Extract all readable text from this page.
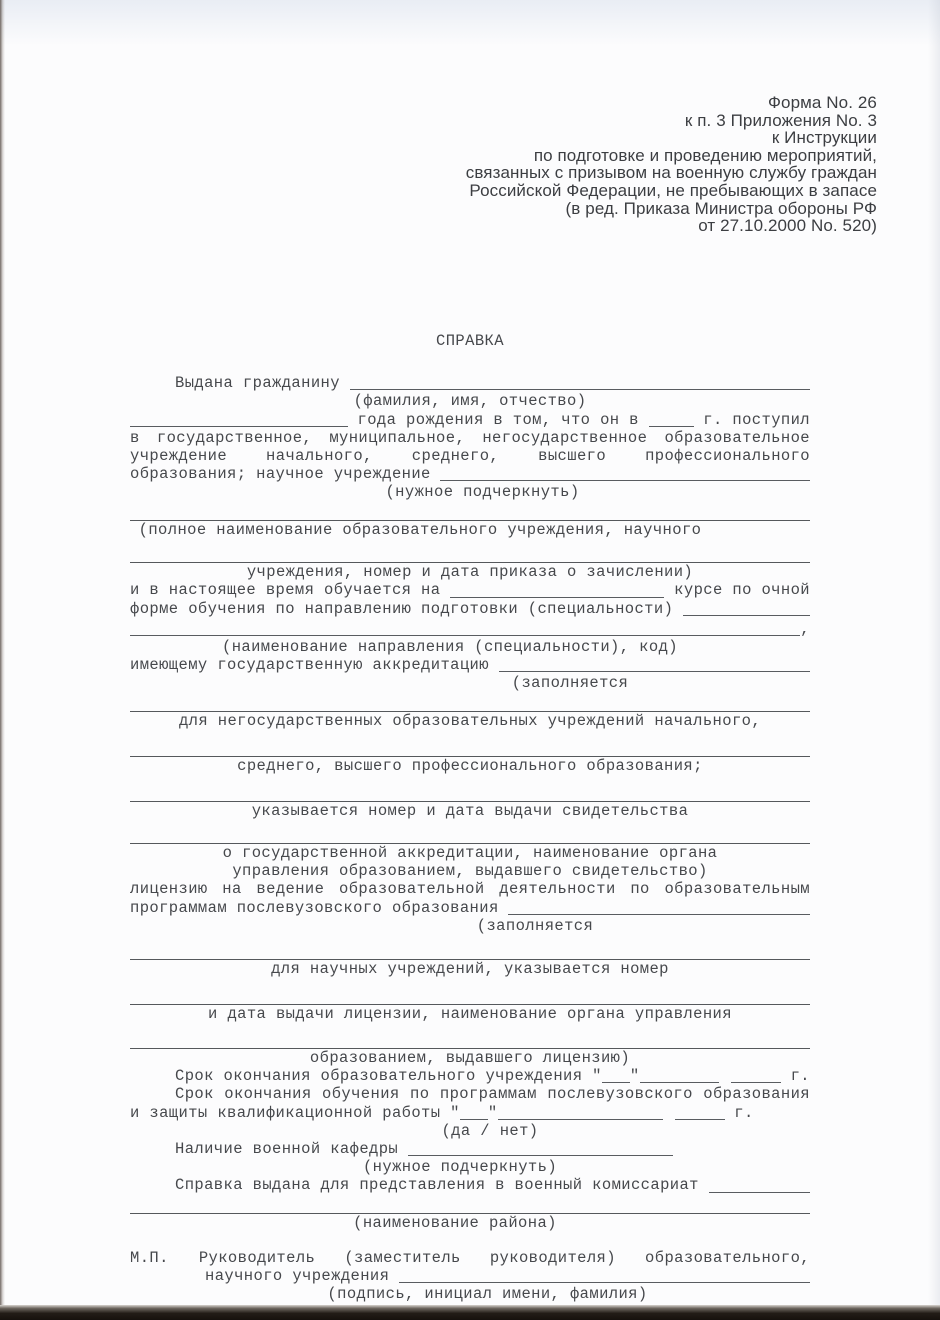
Форма No. 26
к п. 3 Приложения No. 3
к Инструкции
по подготовке и проведению мероприятий,
связанных с призывом на военную службу граждан
Российской Федерации, не пребывающих в запасе
(в ред. Приказа Министра обороны РФ
от 27.10.2000 No. 520)
СПРАВКА
Выдана гражданину
(фамилия, имя, отчество)
года рождения в том, что он в	г. поступил
в государственное, муниципальное, негосударственное образовательное
учреждение начального, среднего, высшего профессионального
образования; научное учреждение
(нужное подчеркнуть)
(полное наименование образовательного учреждения, научного
учреждения, номер и дата приказа о зачислении)
и в настоящее время обучается на	курсе по очной
форме обучения по направлению подготовки (специальности)
,
(наименование направления (специальности), код)
имеющему государственную аккредитацию
(заполняется
для негосударственных образовательных учреждений начального,
среднего, высшего профессионального образования;
указывается номер и дата выдачи свидетельства
о государственной аккредитации, наименование органа
управления образованием, выдавшего свидетельство)
лицензию на ведение образовательной деятельности по образовательным
программам послевузовского образования
(заполняется
для научных учреждений, указывается номер
и дата выдачи лицензии, наименование органа управления
образованием, выдавшего лицензию)
Срок окончания образовательного учреждения " "	г.
Срок окончания обучения по программам послевузовского образования
и защиты квалификационной работы " "	г.
(да / нет)
Наличие военной кафедры
(нужное подчеркнуть)
Справка выдана для представления в военный комиссариат
(наименование района)
М.П. Руководитель (заместитель руководителя) образовательного,
научного учреждения
(подпись, инициал имени, фамилия)
